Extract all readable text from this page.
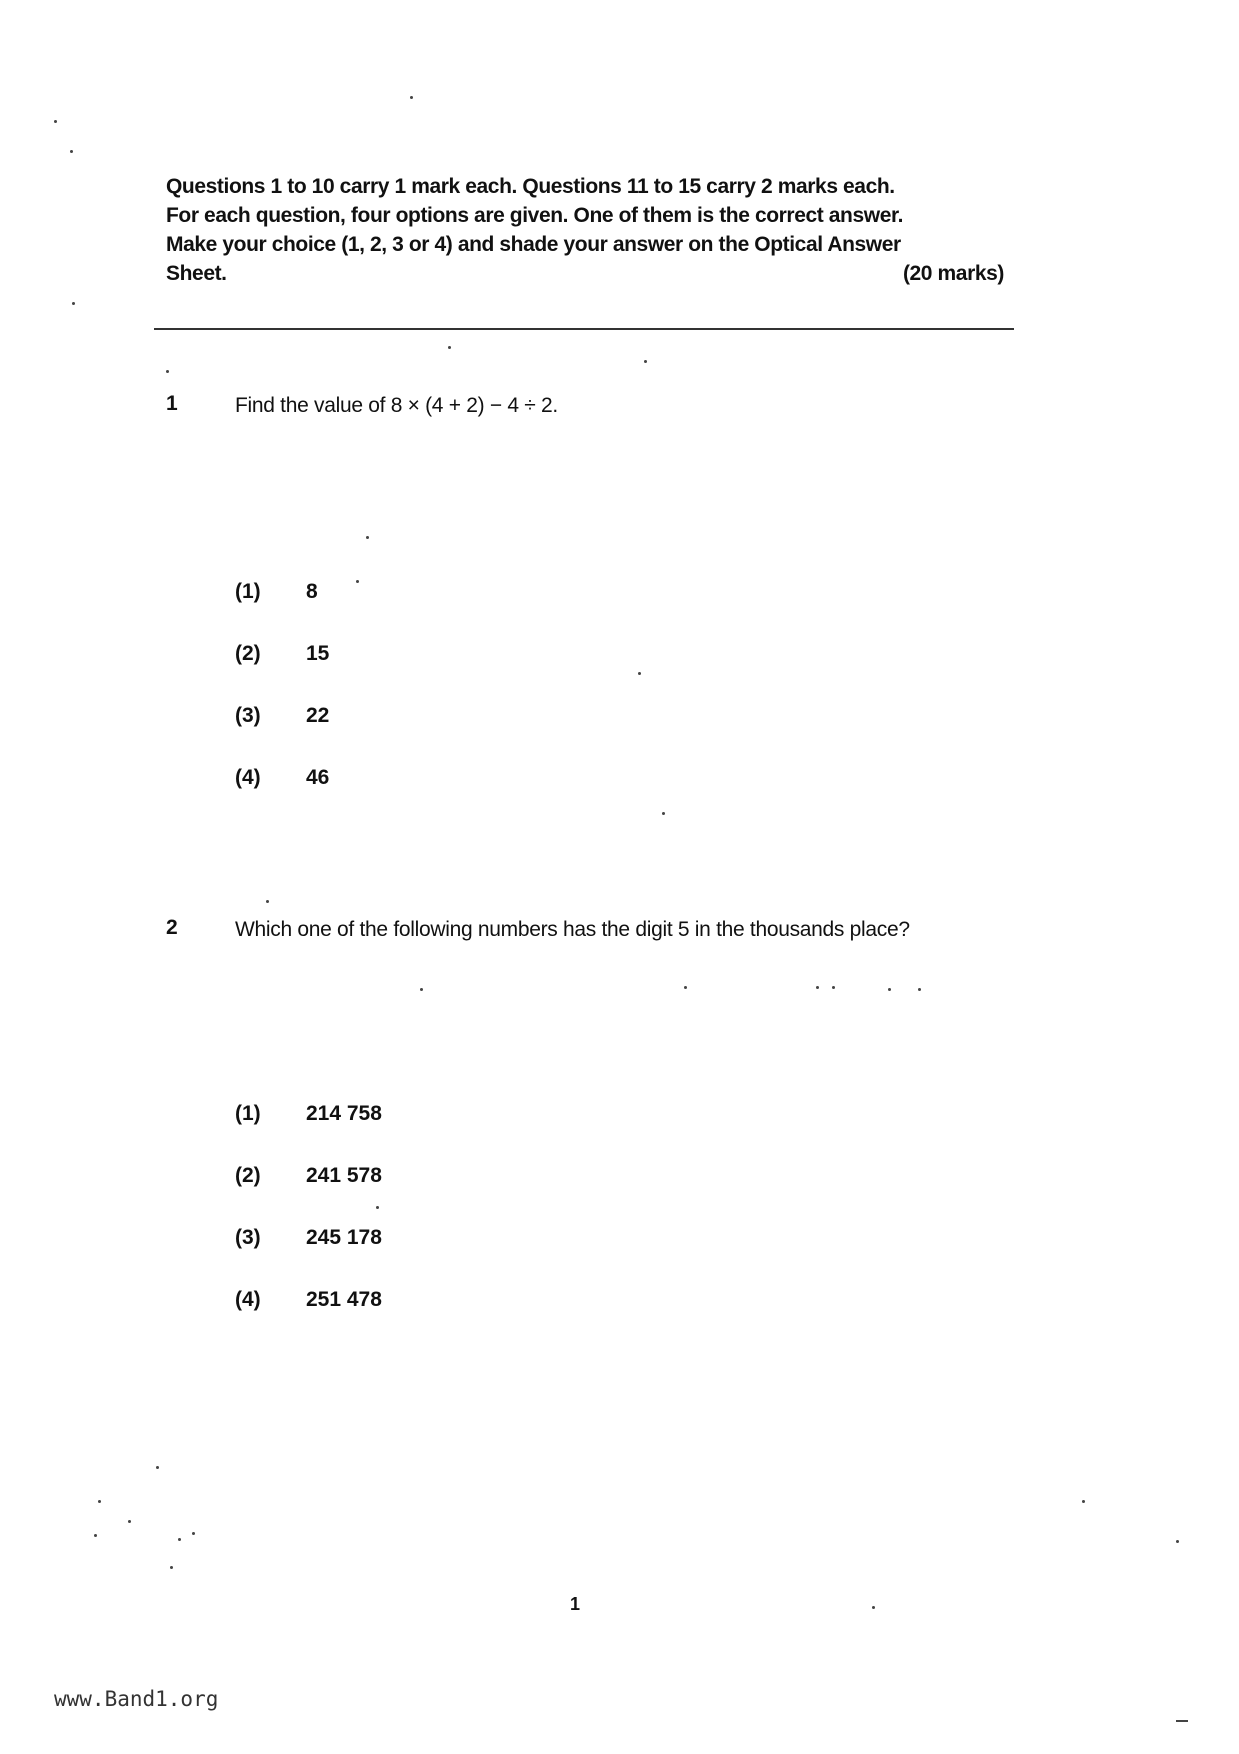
Questions 1 to 10 carry 1 mark each. Questions 11 to 15 carry 2 marks each.
For each question, four options are given. One of them is the correct answer.
Make your choice (1, 2, 3 or 4) and shade your answer on the Optical Answer
Sheet.	(20 marks)
1	Find the value of 8 × (4 + 2) − 4 ÷ 2.
(1)	8
(2)	15
(3)	22
(4)	46
2	Which one of the following numbers has the digit 5 in the thousands place?
(1)	214 758
(2)	241 578
(3)	245 178
(4)	251 478
1
www.Band1.org
